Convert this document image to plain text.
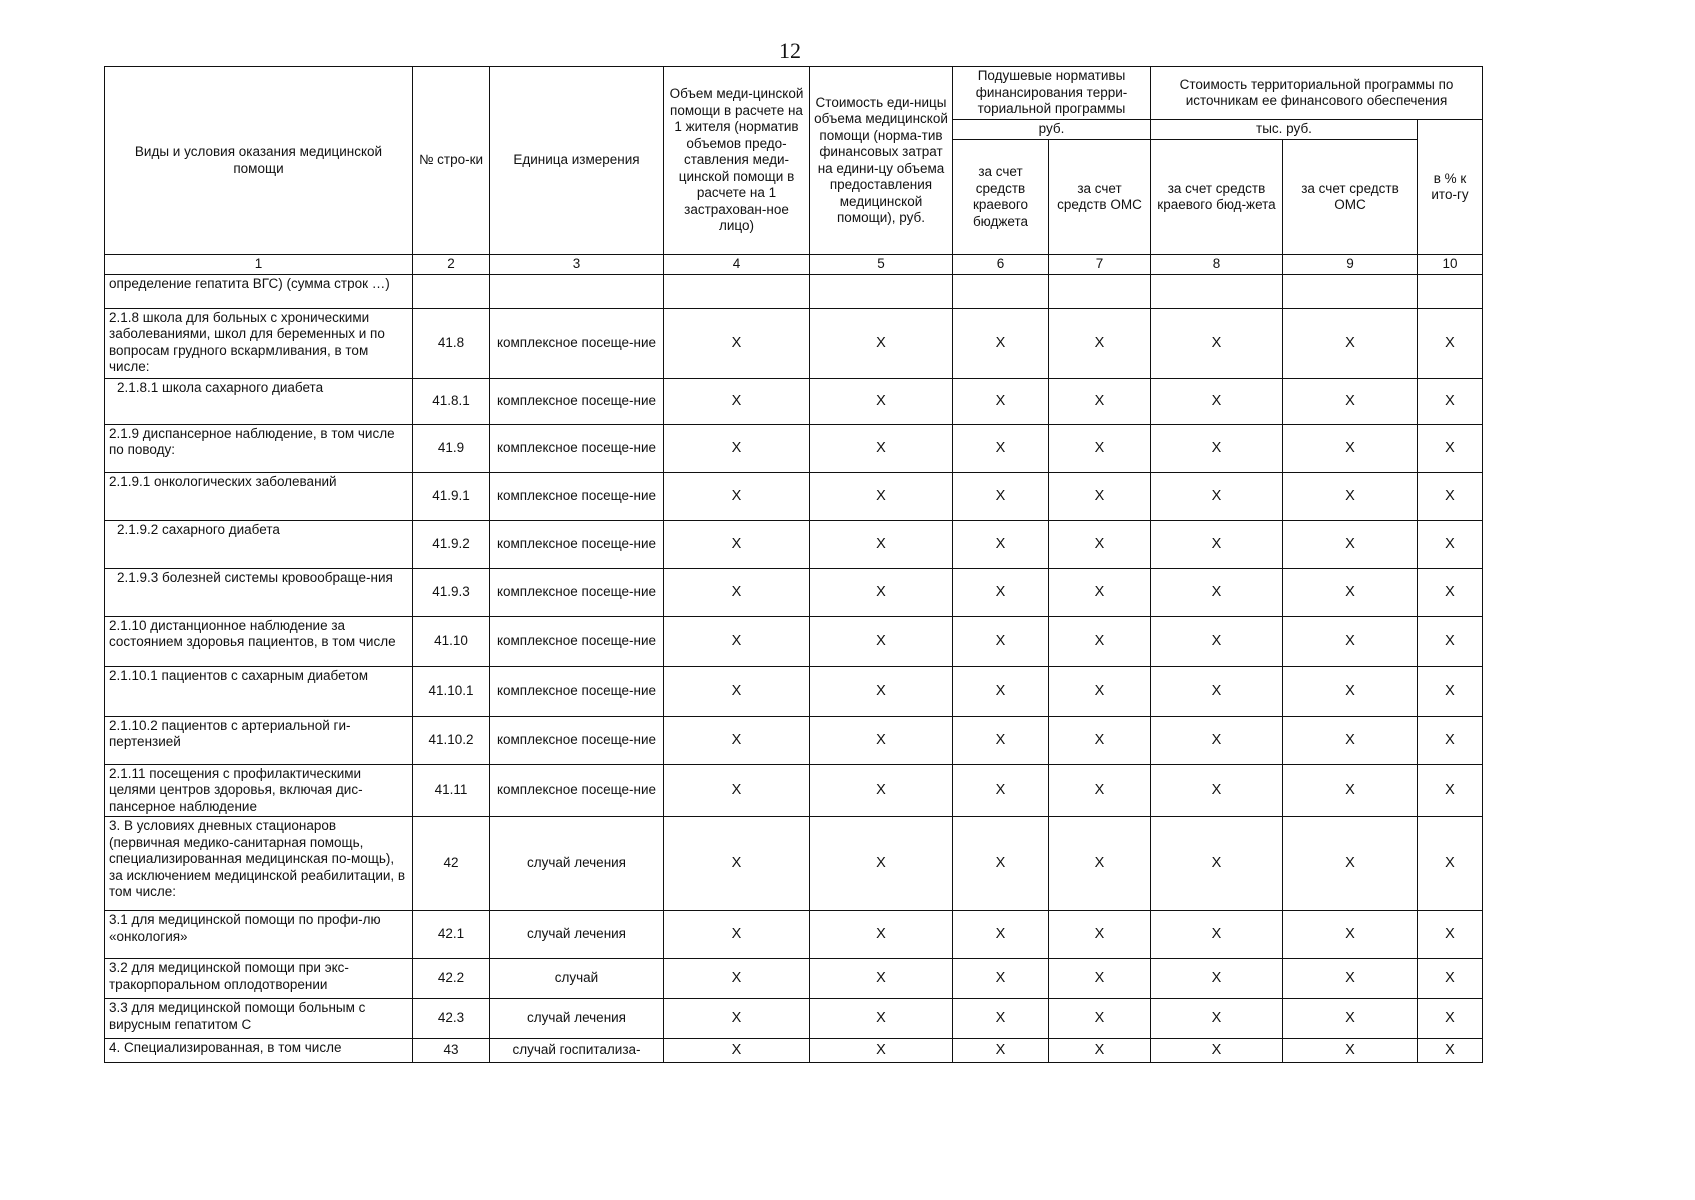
12
Виды и условия оказания медицинской помощи	№ стро-ки	Единица измерения	Объем меди-цинской помощи в расчете на 1 жителя (норматив объемов предо-ставления меди-цинской помощи в расчете на 1 застрахован-ное лицо)	Стоимость еди-ницы объема медицинской помощи (норма-тив финансовых затрат на едини-цу объема предоставления медицинской помощи), руб.	Подушевые нормативы финансирования терри-ториальной программы		Стоимость территориальной программы по источникам ее финансового обеспечения		
					руб.		тыс. руб.		в % к ито-гу
					за счет средств краевого бюджета	за счет средств ОМС	за счет средств краевого бюд-жета	за счет средств ОМС	
1	2	3	4	5	6	7	8	9	10
определение гепатита ВГС) (сумма строк …)									
2.1.8 школа для больных с хроническими заболеваниями, школ для беременных и по вопросам грудного вскармливания, в том числе:	41.8	комплексное посеще-ние	Х	Х	Х	Х	Х	Х	Х
2.1.8.1 школа сахарного диабета	41.8.1	комплексное посеще-ние	Х	Х	Х	Х	Х	Х	Х
2.1.9 диспансерное наблюдение, в том числе по поводу:	41.9	комплексное посеще-ние	Х	Х	Х	Х	Х	Х	Х
2.1.9.1 онкологических заболеваний	41.9.1	комплексное посеще-ние	Х	Х	Х	Х	Х	Х	Х
2.1.9.2 сахарного диабета	41.9.2	комплексное посеще-ние	Х	Х	Х	Х	Х	Х	Х
2.1.9.3 болезней системы кровообраще-ния	41.9.3	комплексное посеще-ние	Х	Х	Х	Х	Х	Х	Х
2.1.10 дистанционное наблюдение за состоянием здоровья пациентов, в том числе	41.10	комплексное посеще-ние	Х	Х	Х	Х	Х	Х	Х
2.1.10.1 пациентов с сахарным диабетом	41.10.1	комплексное посеще-ние	Х	Х	Х	Х	Х	Х	Х
2.1.10.2 пациентов с артериальной ги-пертензией	41.10.2	комплексное посеще-ние	Х	Х	Х	Х	Х	Х	Х
2.1.11 посещения с профилактическими целями центров здоровья, включая дис-пансерное наблюдение	41.11	комплексное посеще-ние	Х	Х	Х	Х	Х	Х	Х
3. В условиях дневных стационаров (первичная медико-санитарная помощь, специализированная медицинская по-мощь), за исключением медицинской реабилитации, в том числе:	42	случай лечения	Х	Х	Х	Х	Х	Х	Х
3.1 для медицинской помощи по профи-лю «онкология»	42.1	случай лечения	Х	Х	Х	Х	Х	Х	Х
3.2 для медицинской помощи при экс-тракорпоральном оплодотворении	42.2	случай	Х	Х	Х	Х	Х	Х	Х
3.3 для медицинской помощи больным с вирусным гепатитом С	42.3	случай лечения	Х	Х	Х	Х	Х	Х	Х
4. Специализированная, в том числе	43	случай госпитализа-	Х	Х	Х	Х	Х	Х	Х
